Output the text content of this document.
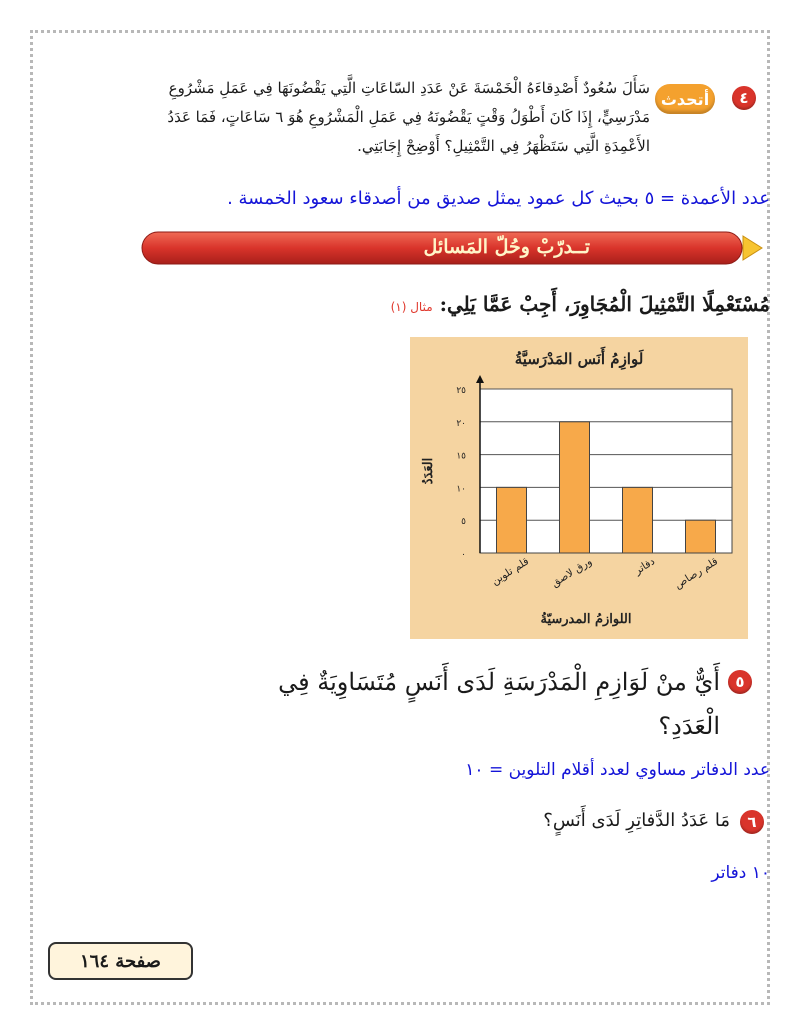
٤
أتحدث
سَأَلَ سُعُودٌ أَصْدِقاءَهُ الْخَمْسَةَ عَنْ عَدَدِ السّاعَاتِ الَّتِي يَقْضُونَهَا فِي عَمَلِ مَشْرُوعِ مَدْرَسِيٍّ، إِذَا كَانَ أَطْوَلُ وَقْتٍ يَقْضُونَهُ فِي عَمَلِ الْمَشْرُوعِ هُوَ ٦ سَاعَاتٍ، فَمَا عَدَدُ الأَعْمِدَةِ الَّتِي سَتَظْهَرُ فِي التَّمْثِيلِ؟ أَوْضِحْ إِجَابَتِي.
عدد الأعمدة = ٥ بحيث كل عمود يمثل صديق من أصدقاء سعود الخمسة .
تــدرّبْ وحُلّ المَسائل
مُسْتَعْمِلًا التَّمْثِيلَ الْمُجَاوِرَ، أَجِبْ عَمَّا يَلِي: مثال (١)
لَوازِمُ أَنَس المَدْرَسيَّةُ
٠
٥
١٠
١٥
٢٠
٢٥
العَدَدُ
قلم تلوين ورق لاصق	دفاتر قلم رصاص
اللوازمُ المدرسيّةُ
٥
أَيٌّ منْ لَوَازِمِ الْمَدْرَسَةِ لَدَى أَنَسٍ مُتَسَاوِيَةٌ فِي الْعَدَدِ؟
عدد الدفاتر مساوي لعدد أقلام التلوين = ١٠
٦
مَا عَدَدُ الدَّفاتِرِ لَدَى أَنَسٍ؟
١٠ دفاتر
صفحة ١٦٤
